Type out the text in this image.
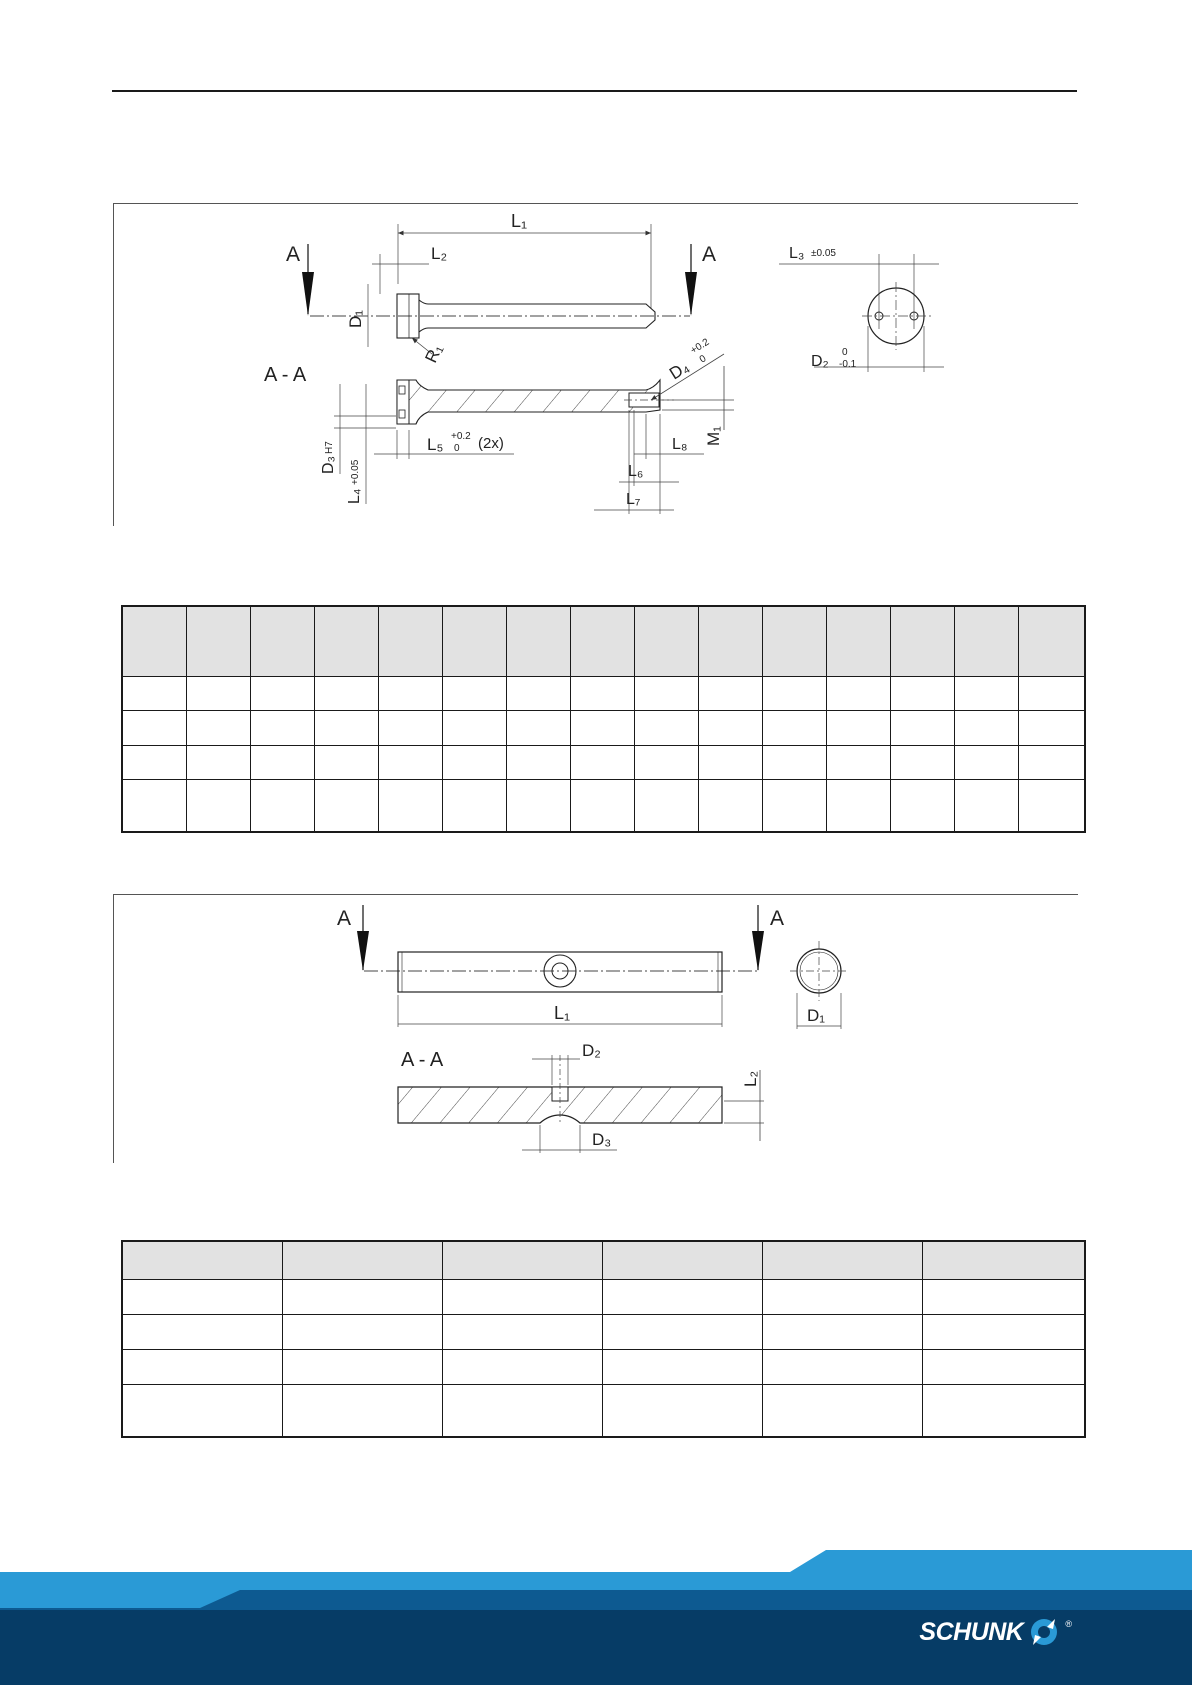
L₁
L₂
A	A
D₁
R₁
L₃ ±0.05
D₂
0
-0.1
A - A	D₄
+0.2
0
M₁
D₃
H7
L₄
+0.05
L₅ +0.2
0 (2x)	L₈
L₆
L₇

A	A
L₁	D₁
A - A	D₂
D₃
L₂

SCHUNK	®
